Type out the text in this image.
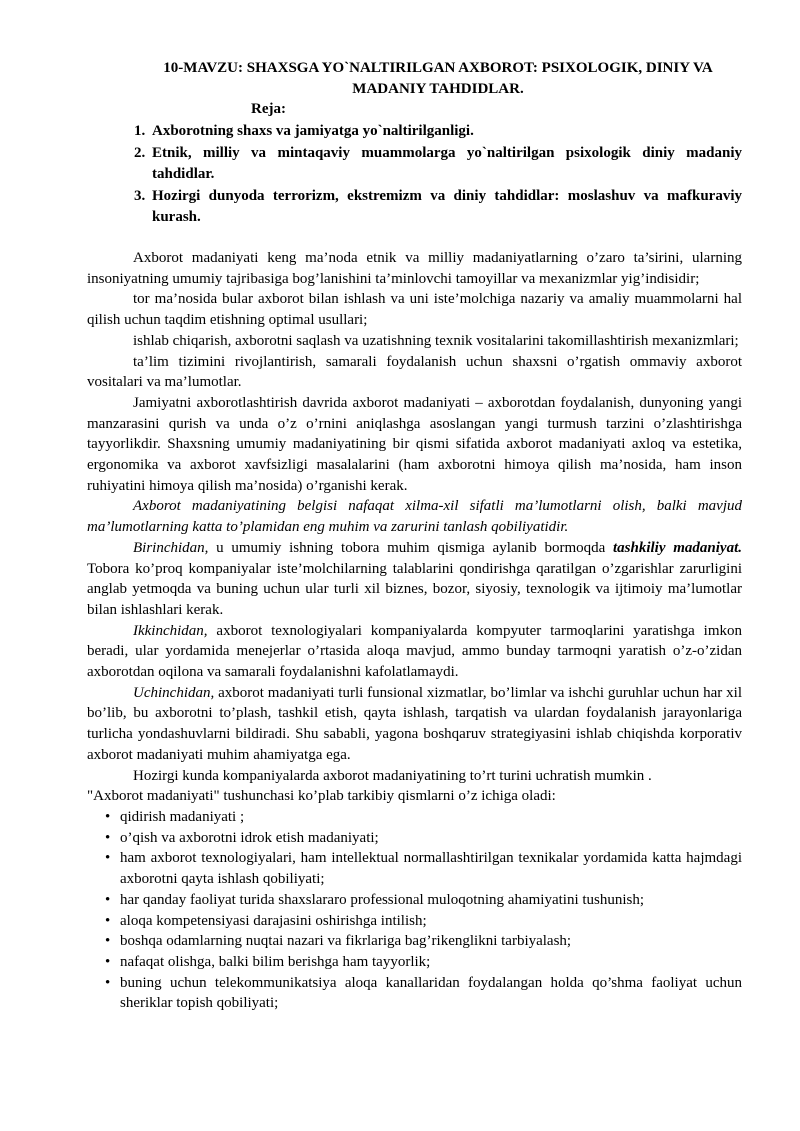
10-MAVZU: SHAXSGA YO`NALTIRILGAN AXBOROT: PSIXOLOGIK, DINIY VA MADANIY TAHDIDLAR.
Reja:
1. Axborotning shaxs va jamiyatga yo`naltirilganligi.
2. Etnik, milliy va mintaqaviy muammolarga yo`naltirilgan psixologik diniy madaniy tahdidlar.
3. Hozirgi dunyoda terrorizm, ekstremizm va diniy tahdidlar: moslashuv va mafkuraviy kurash.

Axborot madaniyati keng ma’noda etnik va milliy madaniyatlarning o’zaro ta’sirini, ularning insoniyatning umumiy tajribasiga bog’lanishini ta’minlovchi tamoyillar va mexanizmlar yig’indisidir;

tor ma’nosida bular axborot bilan ishlash va uni iste’molchiga nazariy va amaliy muammolarni hal qilish uchun taqdim etishning optimal usullari;

ishlab chiqarish, axborotni saqlash va uzatishning texnik vositalarini takomillashtirish mexanizmlari;

ta’lim tizimini rivojlantirish, samarali foydalanish uchun shaxsni o’rgatish ommaviy axborot vositalari va ma’lumotlar.

Jamiyatni axborotlashtirish davrida axborot madaniyati – axborotdan foydalanish, dunyoning yangi manzarasini qurish va unda o’z o’rnini aniqlashga asoslangan yangi turmush tarzini o’zlashtirishga tayyorlikdir. Shaxsning umumiy madaniyatining bir qismi sifatida axborot madaniyati axloq va estetika, ergonomika va axborot xavfsizligi masalalarini (ham axborotni himoya qilish ma’nosida, ham inson ruhiyatini himoya qilish ma’nosida) o’rganishi kerak.

Axborot madaniyatining belgisi nafaqat xilma-xil sifatli ma’lumotlarni olish, balki mavjud ma’lumotlarning katta to’plamidan eng muhim va zarurini tanlash qobiliyatidir.

Birinchidan, u umumiy ishning tobora muhim qismiga aylanib bormoqda tashkiliy madaniyat. Tobora ko’proq kompaniyalar iste’molchilarning talablarini qondirishga qaratilgan o’zgarishlar zarurligini anglab yetmoqda va buning uchun ular turli xil biznes, bozor, siyosiy, texnologik va ijtimoiy ma’lumotlar bilan ishlashlari kerak.

Ikkinchidan, axborot texnologiyalari kompaniyalarda kompyuter tarmoqlarini yaratishga imkon beradi, ular yordamida menejerlar o’rtasida aloqa mavjud, ammo bunday tarmoqni yaratish o’z-o’zidan axborotdan oqilona va samarali foydalanishni kafolatlamaydi.

Uchinchidan, axborot madaniyati turli funsional xizmatlar, bo’limlar va ishchi guruhlar uchun har xil bo’lib, bu axborotni to’plash, tashkil etish, qayta ishlash, tarqatish va ulardan foydalanish jarayonlariga turlicha yondashuvlarni bildiradi. Shu sababli, yagona boshqaruv strategiyasini ishlab chiqishda korporativ axborot madaniyati muhim ahamiyatga ega.

Hozirgi kunda kompaniyalarda axborot madaniyatining to’rt turini uchratish mumkin .

"Axborot madaniyati" tushunchasi ko’plab tarkibiy qismlarni o’z ichiga oladi:

• qidirish madaniyati ;
• o’qish va axborotni idrok etish madaniyati;
• ham axborot texnologiyalari, ham intellektual normallashtirilgan texnikalar yordamida katta hajmdagi axborotni qayta ishlash qobiliyati;
• har qanday faoliyat turida shaxslararo professional muloqotning ahamiyatini tushunish;
• aloqa kompetensiyasi darajasini oshirishga intilish;
• boshqa odamlarning nuqtai nazari va fikrlariga bag’rikenglikni tarbiyalash;
• nafaqat olishga, balki bilim berishga ham tayyorlik;
• buning uchun telekommunikatsiya aloqa kanallaridan foydalangan holda qo’shma faoliyat uchun sheriklar topish qobiliyati;
